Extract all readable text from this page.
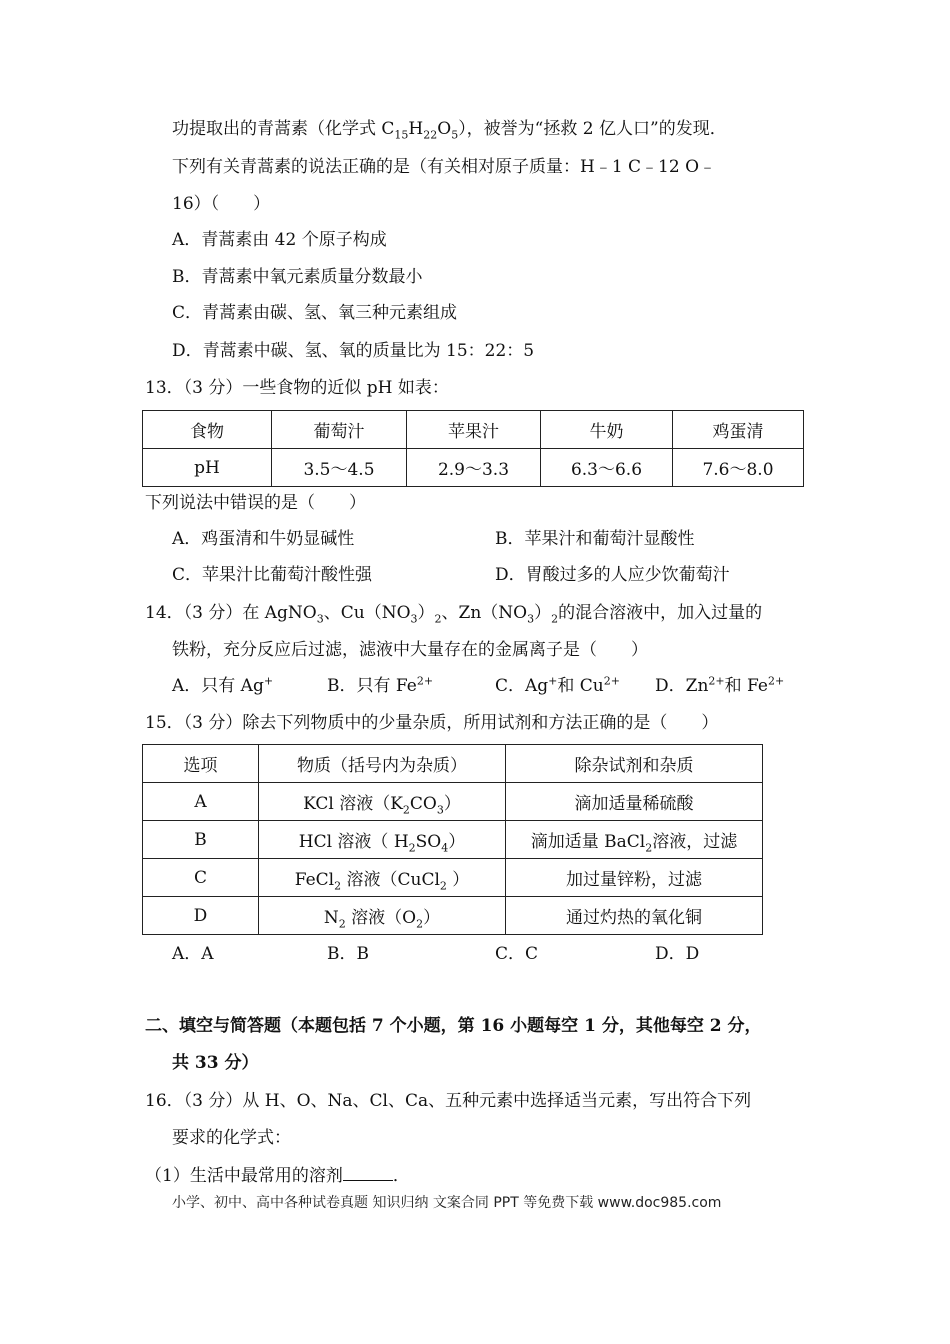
功提取出的青蒿素（化学式 $C_{15}H_{22}O_5$），被誉为“拯救 2 亿人口”的发现．
下列有关青蒿素的说法正确的是（有关相对原子质量：H﹣1 C﹣12 O﹣
16）（　　）
A．青蒿素由 42 个原子构成
B．青蒿素中氧元素质量分数最小
C．青蒿素由碳、氢、氧三种元素组成
D．青蒿素中碳、氢、氧的质量比为 15：22：5
13．（3 分）一些食物的近似 pH 如表：
食物	葡萄汁	苹果汁	牛奶	鸡蛋清
pH	3.5～4.5	2.9～3.3	6.3～6.6	7.6～8.0
下列说法中错误的是（　　）
A．鸡蛋清和牛奶显碱性	B．苹果汁和葡萄汁显酸性
C．苹果汁比葡萄汁酸性强	D．胃酸过多的人应少饮葡萄汁
14．（3 分）在 AgNO$_3$、$Cu(NO_3)_2$、$Zn(NO_3)_2$的混合溶液中，加入过量的
铁粉，充分反应后过滤，滤液中大量存在的金属离子是（　　）
A．只有 Ag+	B．只有 $Fe^{2+}$	C．Ag+和 $Cu^{2+}$ D．$Zn^{2+}$和 $Fe^{2+}$
15．（3 分）除去下列物质中的少量杂质，所用试剂和方法正确的是（　　）
选项	物质（括号内为杂质）	除杂试剂和杂质
A	KCl 溶液$(K_2CO_3)$	滴加适量稀硫酸
B	HCl 溶液（ $H_2SO_4$）	滴加适量 BaCl$_2$溶液，过滤
C	FeCl$_2$ 溶液（CuCl$_2$ ）	加过量锌粉，过滤
D	$N_2$ 溶液$(O_2)$	通过灼热的氧化铜
A．A	B．B	C．C	D．D
二、填空与简答题（本题包括 7 个小题，第 16 小题每空 1 分，其他每空 2 分，
共 33 分）
16．（3 分）从 H、O、Na、Cl、Ca、五种元素中选择适当元素，写出符合下列
要求的化学式：
（1）生活中最常用的溶剂	．
小学、初中、高中各种试卷真题 知识归纳 文案合同 PPT 等免费下载 www.doc985.com
